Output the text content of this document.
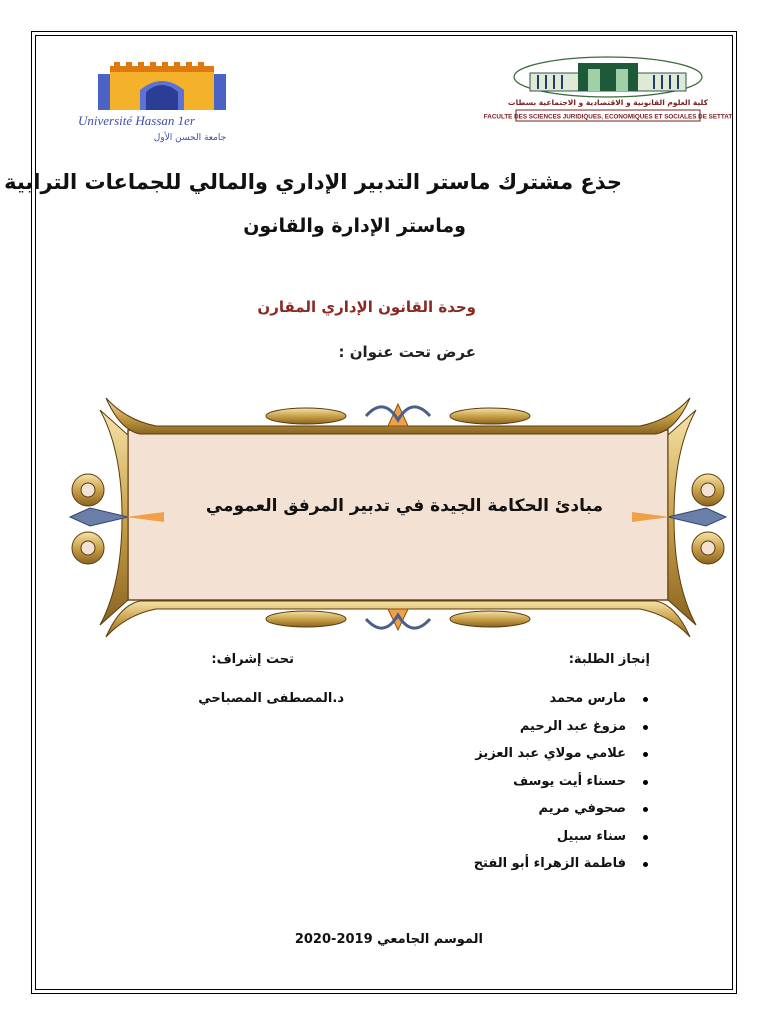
Université Hassan 1er
جامعة الحسن الأول
كلية العلوم القانونية و الاقتصادية و الاجتماعية بسطات
FACULTE DES SCIENCES JURIDIQUES, ECONOMIQUES ET SOCIALES DE SETTAT
جذع مشترك ماستر التدبير الإداري والمالي للجماعات الترابية
وماستر الإدارة والقانون
وحدة القانون الإداري المقارن
عرض تحت عنوان :
مبادئ الحكامة الجيدة في تدبير المرفق العمومي
إنجاز الطلبة:
تحت إشراف:
د.المصطفى المصباحي	مارس محمد
مزوغ عبد الرحيم
علامي مولاي عبد العزيز
حسناء أيت يوسف
صحوفي مريم
سناء سبيل
فاطمة الزهراء أبو الفتح
الموسم الجامعي 2019-2020
